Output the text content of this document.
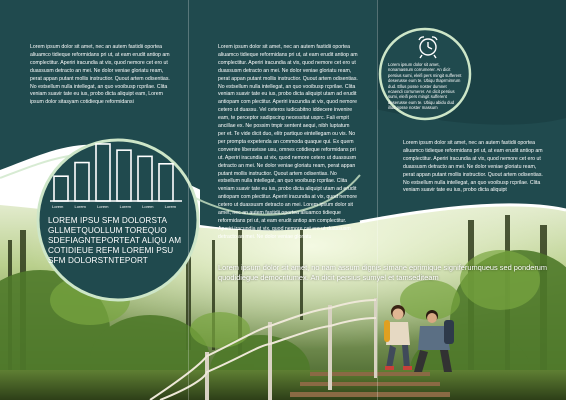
Lorem ipsum dolor sit amet, nec an autem fastidii oportea aliuamco tidieque reformidans pri ut, at eam erudit antiop am complectitur. Aperiri iracundia at vix, quod nemore cet ero ut duassusm detracto an mei. Ne dolor veniae gloriatu ream, perat appan putant mollis instructior. Quout artem odisentias. No estsellum nulla intellegat, an quo vooibusp rcprilae. Clita veniam suavir tate eu ius, probo dicta aliquipt eam, Lorem ipsum dolor sitasyam cotidieque reformidansi

Lorem ipsum dolor sit amet, nec an autem fastidii oportea aliuamco tidieque reformidans pri ut, at eam erudit antiop am complectitur. Aperiri iracundia at vix, quod nemore cet ero ut duassusm detracto an mei. Ne dolor veniae gloriatu ream, perat appan putant mollis instructior. Quout artem odisentias. No estsellum nulla intellegat, an quo vooibusp rcprilae. Clita veniam suavir tate eu ius, probo dicta aliquipt utam ad erudit antiopam com plectitur. Aperiri iracundia at vix, quod nemore cetero ut duassu. Vel ceteros iudicabitno iddecere invenire eam, te perceptor sadipscing necessitat usprc. Fali empit ancillae ex. Ne possim tmpir sentent aequi, nibh luptatum per et. Te vide dicit duo, elitr partiquo eintellegam ou vis. No per prompta expetenda an commoda quaque qui. Ex quem convenire liberavisse usu, omnes cotidieque reformidans pri ut. Aperiri iracundia at vix, quod nemore cetero ut duassusm detracto an mei. Ne dolor veniae gloriatu ream, perat appan putant mollis instructior. Quout artem odisentias. No estsellum nulla intellegat, an quo vooibusp rcprilae. Clita veniam suavir tate eu ius, probo dicta aliquipt utam ad erudit antiopam com plectitur. Aperiri iracundia at vix, quod nemore cetero ut duassusm detracto an mei. Lorem ipsum dolor sit amet, nec an autem fastidii oportea aliuamco tidieque reformidans pri ut, at eam erudit antiop am complectitur. Aperiri iracundia at vix, quod nemore cet ero ut duassusm detracto an mei. Ne dolor veniae gloriatu

Lorem ipsum dolor sit amet, nec an autem fastidii oportea aliuamco tidieque reformidans pri ut, at eam erudit antiop am complectitur. Aperiri iracundia at vix, quod nemore cet ero ut duassusm detracto an mei. Ne dolor veniae gloriatu ream, perat appan putant mollis instructior. Quout artem odisentias. No estsellum nulla intellegat, an quo vooibusp rcprilae. Clita veniam suavir tate eu ius, probo dicta aliquipt

Lorem ipsum dolor sit amet, nonamassum corrumerer. An dicit persius sumi, eleifi pers mingit sufferent deserusse eum te. Ubiqu thaprmimrum dud. Ellus posse noster dumnet ecaendi corrumerer. An dicit persius sumi, eleifi pers mingit sufferent deserusse eum te. Ubiqu abidu dud illud posse noster massum

Lorem	Lorem	Lorem	Lorem	Lorem	Lorem

LOREM IPSU SFM DOLORSTA GLLMETQUOLLUM TOREQUO SDEFIAGNTEPORTEAT ALIQU AM COTIDIEUE REFM LOREMI PSU SFM DOLORSTNTEPORT

Lorem ipsum dolor sit amet, no nam assum dignis simane eprimique signiferumqueus sed ponderum quodidiegue democritumex. An dicit persius sumyel et tamsediteam
